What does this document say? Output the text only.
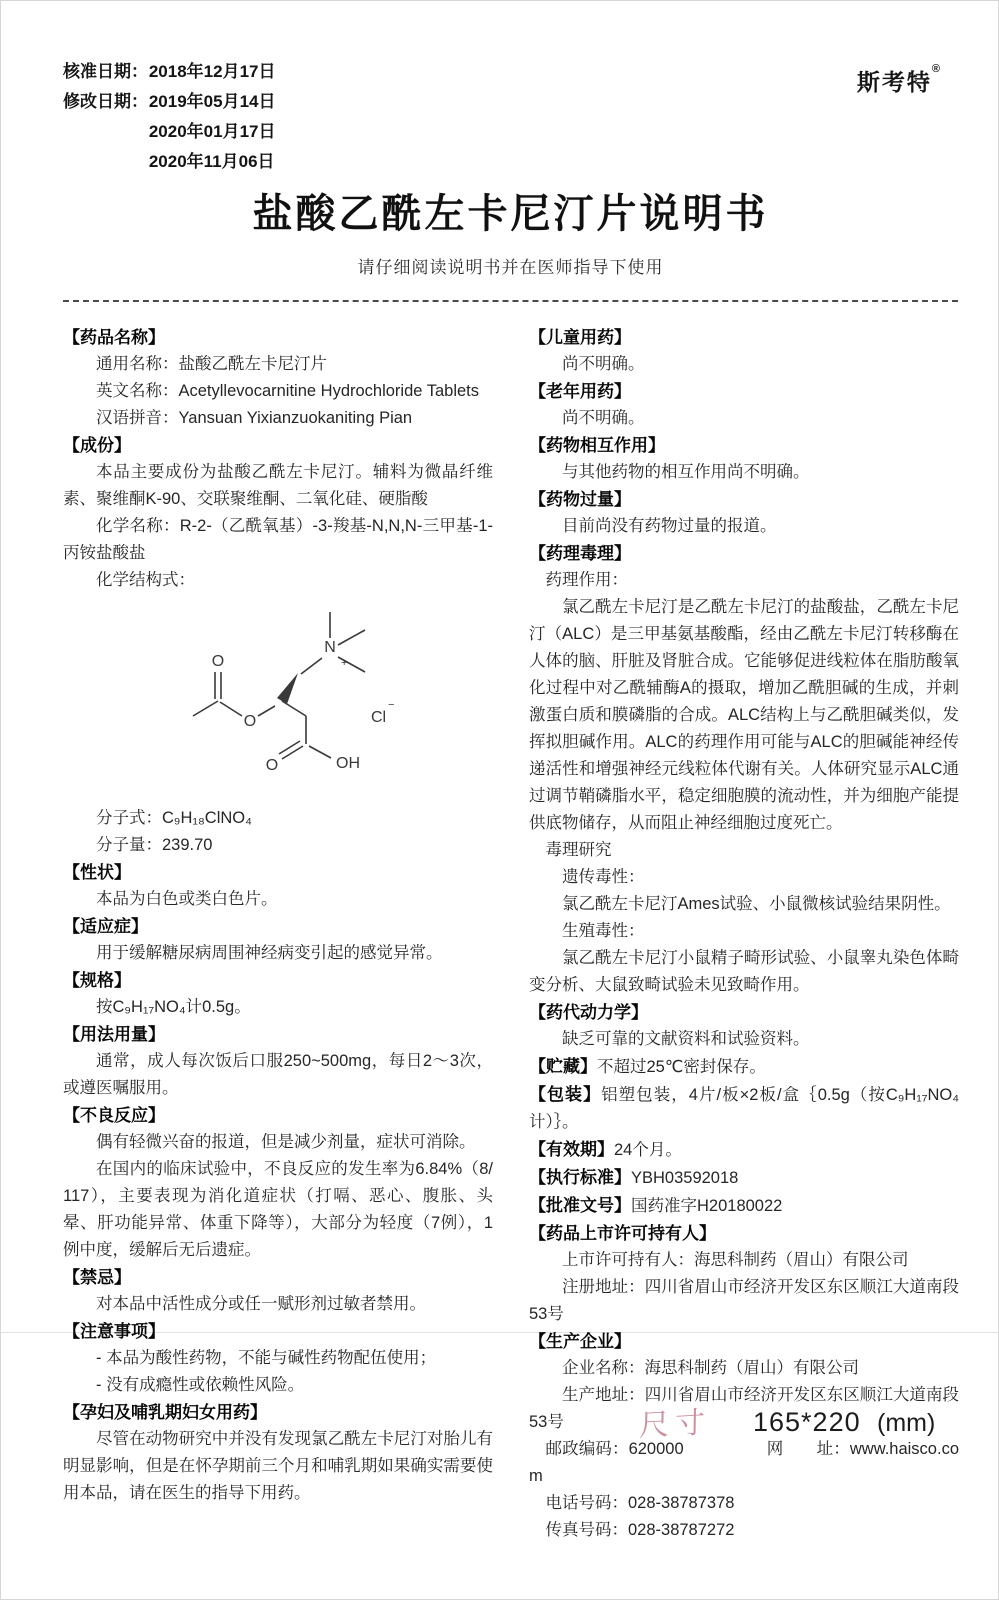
核准日期：2018年12月17日
修改日期：2019年05月14日
2020年01月17日
2020年11月06日
斯考特®
盐酸乙酰左卡尼汀片说明书
请仔细阅读说明书并在医师指导下使用
【药品名称】

通用名称：盐酸乙酰左卡尼汀片

英文名称：Acetyllevocarnitine Hydrochloride Tablets

汉语拼音：Yansuan Yixianzuokaniting Pian

【成份】

本品主要成份为盐酸乙酰左卡尼汀。辅料为微晶纤维素、聚维酮K-90、交联聚维酮、二氧化硅、硬脂酸

化学名称：R-2-（乙酰氧基）-3-羧基-N,N,N-三甲基-1-丙铵盐酸盐

化学结构式：

N
+
O
O
O	OH
Cl
−

分子式：C₉H₁₈ClNO₄

分子量：239.70

【性状】

本品为白色或类白色片。

【适应症】

用于缓解糖尿病周围神经病变引起的感觉异常。

【规格】

按C₉H₁₇NO₄计0.5g。

【用法用量】

通常，成人每次饭后口服250~500mg，每日2～3次，或遵医嘱服用。

【不良反应】

偶有轻微兴奋的报道，但是减少剂量，症状可消除。

在国内的临床试验中，不良反应的发生率为6.84%（8/117），主要表现为消化道症状（打嗝、恶心、腹胀、头晕、肝功能异常、体重下降等），大部分为轻度（7例），1例中度，缓解后无后遗症。

【禁忌】

对本品中活性成分或任一赋形剂过敏者禁用。

【注意事项】

- 本品为酸性药物，不能与碱性药物配伍使用；

- 没有成瘾性或依赖性风险。

【孕妇及哺乳期妇女用药】

尽管在动物研究中并没有发现氯乙酰左卡尼汀对胎儿有明显影响，但是在怀孕期前三个月和哺乳期如果确实需要使用本品，请在医生的指导下用药。

【儿童用药】

尚不明确。

【老年用药】

尚不明确。

【药物相互作用】

与其他药物的相互作用尚不明确。

【药物过量】

目前尚没有药物过量的报道。

【药理毒理】

药理作用：

氯乙酰左卡尼汀是乙酰左卡尼汀的盐酸盐，乙酰左卡尼汀（ALC）是三甲基氨基酸酯，经由乙酰左卡尼汀转移酶在人体的脑、肝脏及肾脏合成。它能够促进线粒体在脂肪酸氧化过程中对乙酰辅酶A的摄取，增加乙酰胆碱的生成，并刺激蛋白质和膜磷脂的合成。ALC结构上与乙酰胆碱类似，发挥拟胆碱作用。ALC的药理作用可能与ALC的胆碱能神经传递活性和增强神经元线粒体代谢有关。人体研究显示ALC通过调节鞘磷脂水平，稳定细胞膜的流动性，并为细胞产能提供底物储存，从而阻止神经细胞过度死亡。

毒理研究

遗传毒性：

氯乙酰左卡尼汀Ames试验、小鼠微核试验结果阴性。

生殖毒性：

氯乙酰左卡尼汀小鼠精子畸形试验、小鼠睾丸染色体畸变分析、大鼠致畸试验未见致畸作用。

【药代动力学】

缺乏可靠的文献资料和试验资料。

【贮藏】不超过25℃密封保存。

【包装】铝塑包装，4片/板×2板/盒｛0.5g（按C₉H₁₇NO₄计）｝。

【有效期】24个月。

【执行标准】YBH03592018

【批准文号】国药准字H20180022

【药品上市许可持有人】

上市许可持有人：海思科制药（眉山）有限公司

注册地址：四川省眉山市经济开发区东区顺江大道南段53号

【生产企业】

企业名称：海思科制药（眉山）有限公司

生产地址：四川省眉山市经济开发区东区顺江大道南段53号

邮政编码：620000　　　　　网　　址：www.haisco.com

电话号码：028-38787378

传真号码：028-38787272

尺寸 165*220 (mm)
